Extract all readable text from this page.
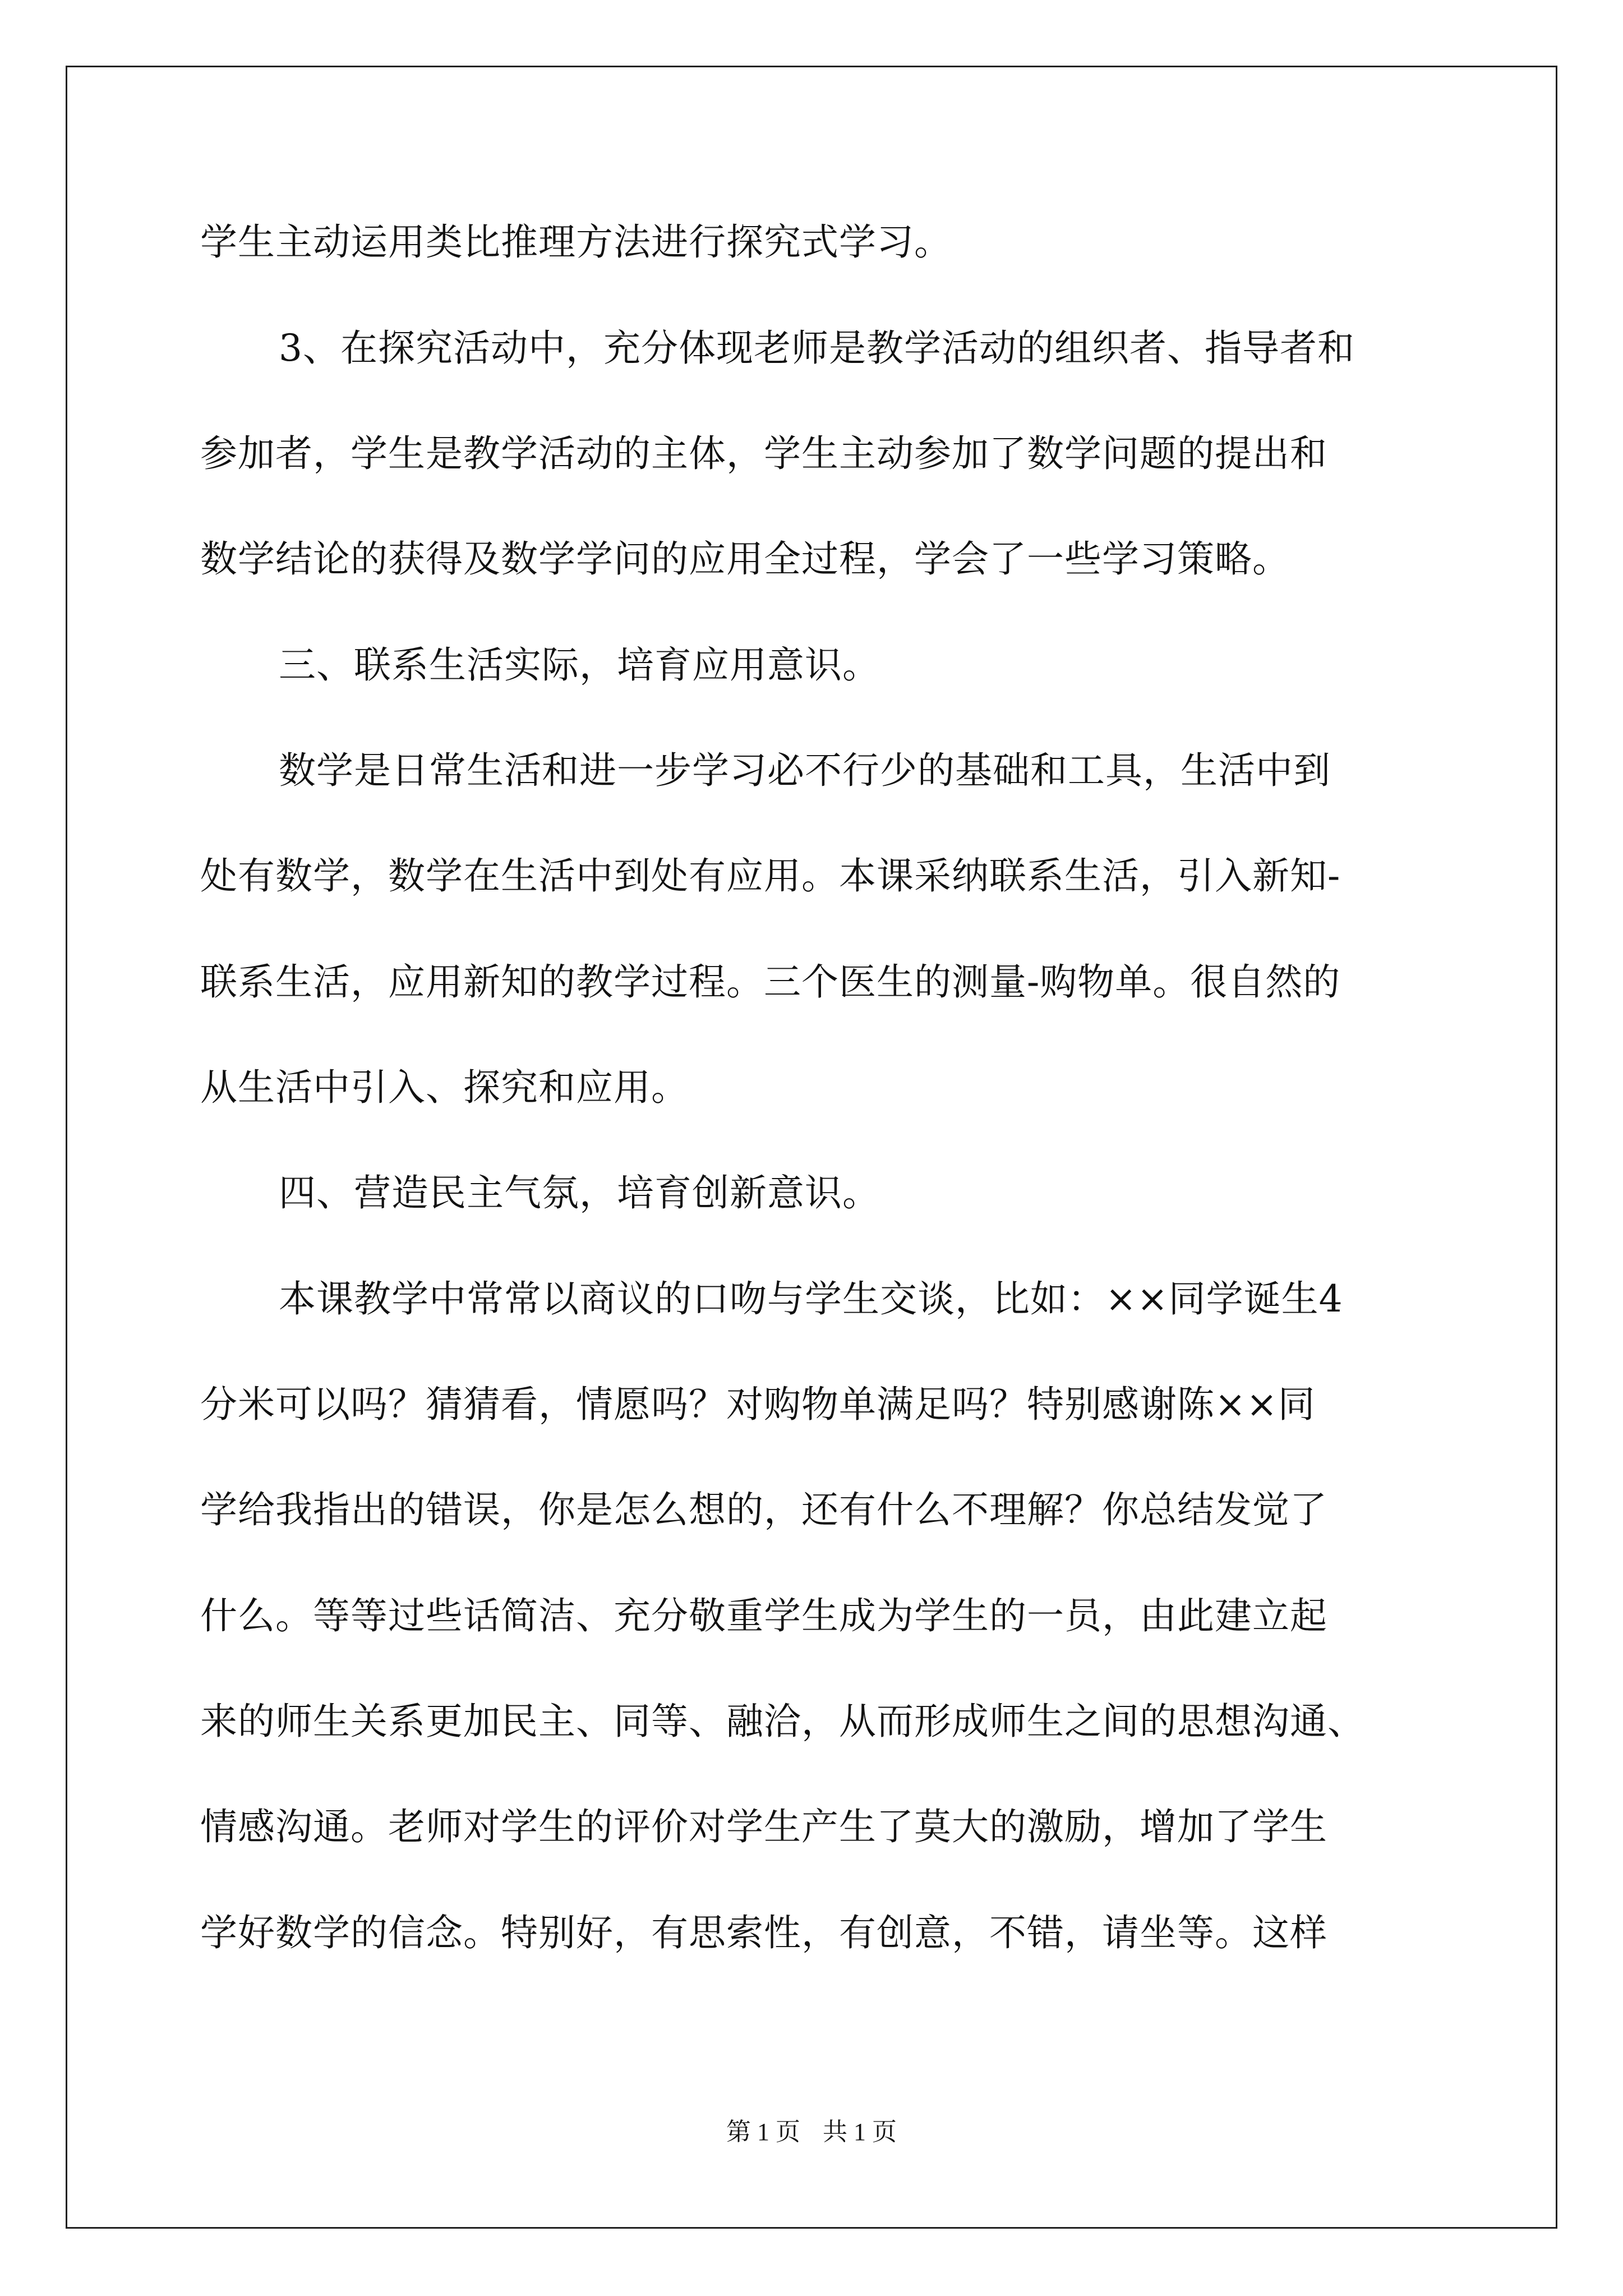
学生主动运用类比推理方法进行探究式学习。
3、在探究活动中，充分体现老师是教学活动的组织者、指导者和
参加者，学生是教学活动的主体，学生主动参加了数学问题的提出和
数学结论的获得及数学学问的应用全过程，学会了一些学习策略。
三、联系生活实际，培育应用意识。
数学是日常生活和进一步学习必不行少的基础和工具，生活中到
处有数学，数学在生活中到处有应用。本课采纳联系生活，引入新知-
联系生活，应用新知的教学过程。三个医生的测量-购物单。很自然的
从生活中引入、探究和应用。
四、营造民主气氛，培育创新意识。
本课教学中常常以商议的口吻与学生交谈，比如：××同学诞生4
分米可以吗？猜猜看，情愿吗？对购物单满足吗？特别感谢陈××同
学给我指出的错误，你是怎么想的，还有什么不理解？你总结发觉了
什么。等等过些话简洁、充分敬重学生成为学生的一员，由此建立起
来的师生关系更加民主、同等、融洽，从而形成师生之间的思想沟通、
情感沟通。老师对学生的评价对学生产生了莫大的激励，增加了学生
学好数学的信念。特别好，有思索性，有创意，不错，请坐等。这样
第 1 页 共 1 页
